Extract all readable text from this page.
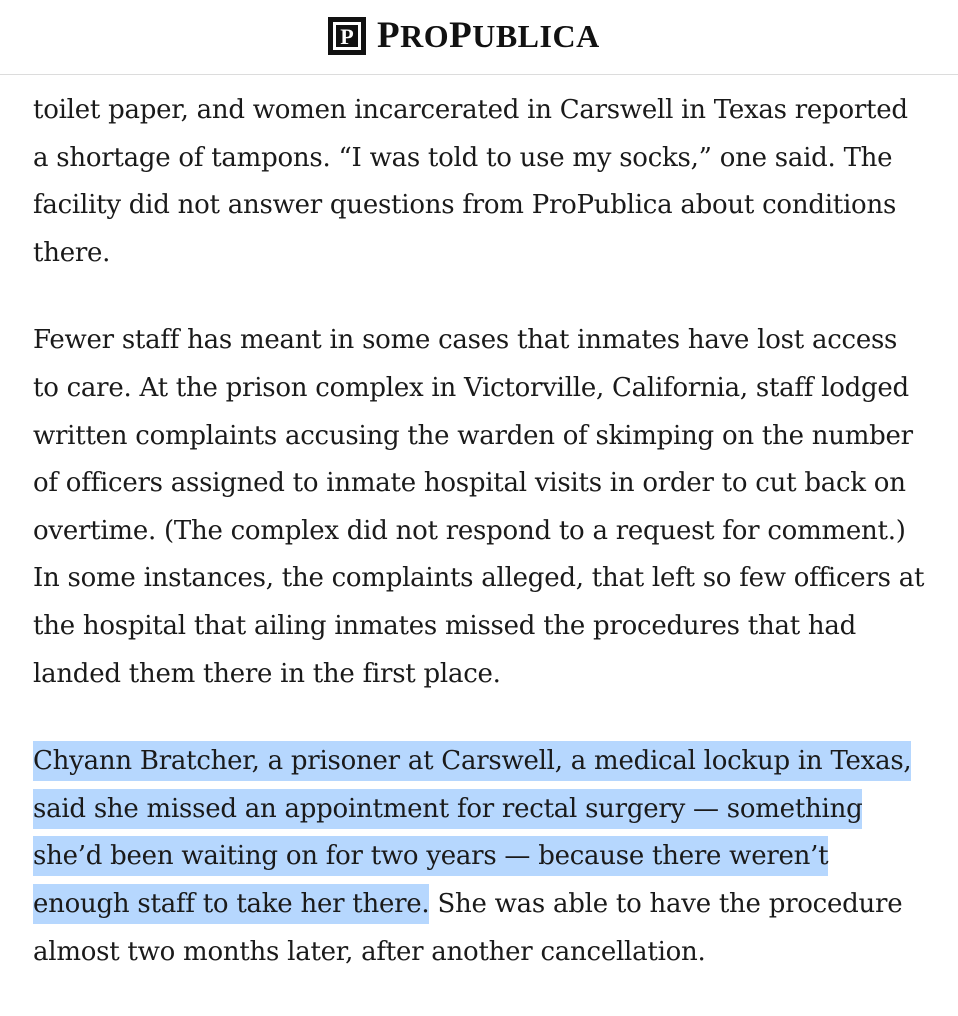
P PROPUBLICA

toilet paper, and women incarcerated in Carswell in Texas reported a shortage of tampons. “I was told to use my socks,” one said. The facility did not answer questions from ProPublica about conditions there.

Fewer staff has meant in some cases that inmates have lost access to care. At the prison complex in Victorville, California, staff lodged written complaints accusing the warden of skimping on the number of officers assigned to inmate hospital visits in order to cut back on overtime. (The complex did not respond to a request for comment.) In some instances, the complaints alleged, that left so few officers at the hospital that ailing inmates missed the procedures that had landed them there in the first place.

Chyann Bratcher, a prisoner at Carswell, a medical lockup in Texas, said she missed an appointment for rectal surgery — something she’d been waiting on for two years — because there weren’t enough staff to take her there. She was able to have the procedure almost two months later, after another cancellation.
